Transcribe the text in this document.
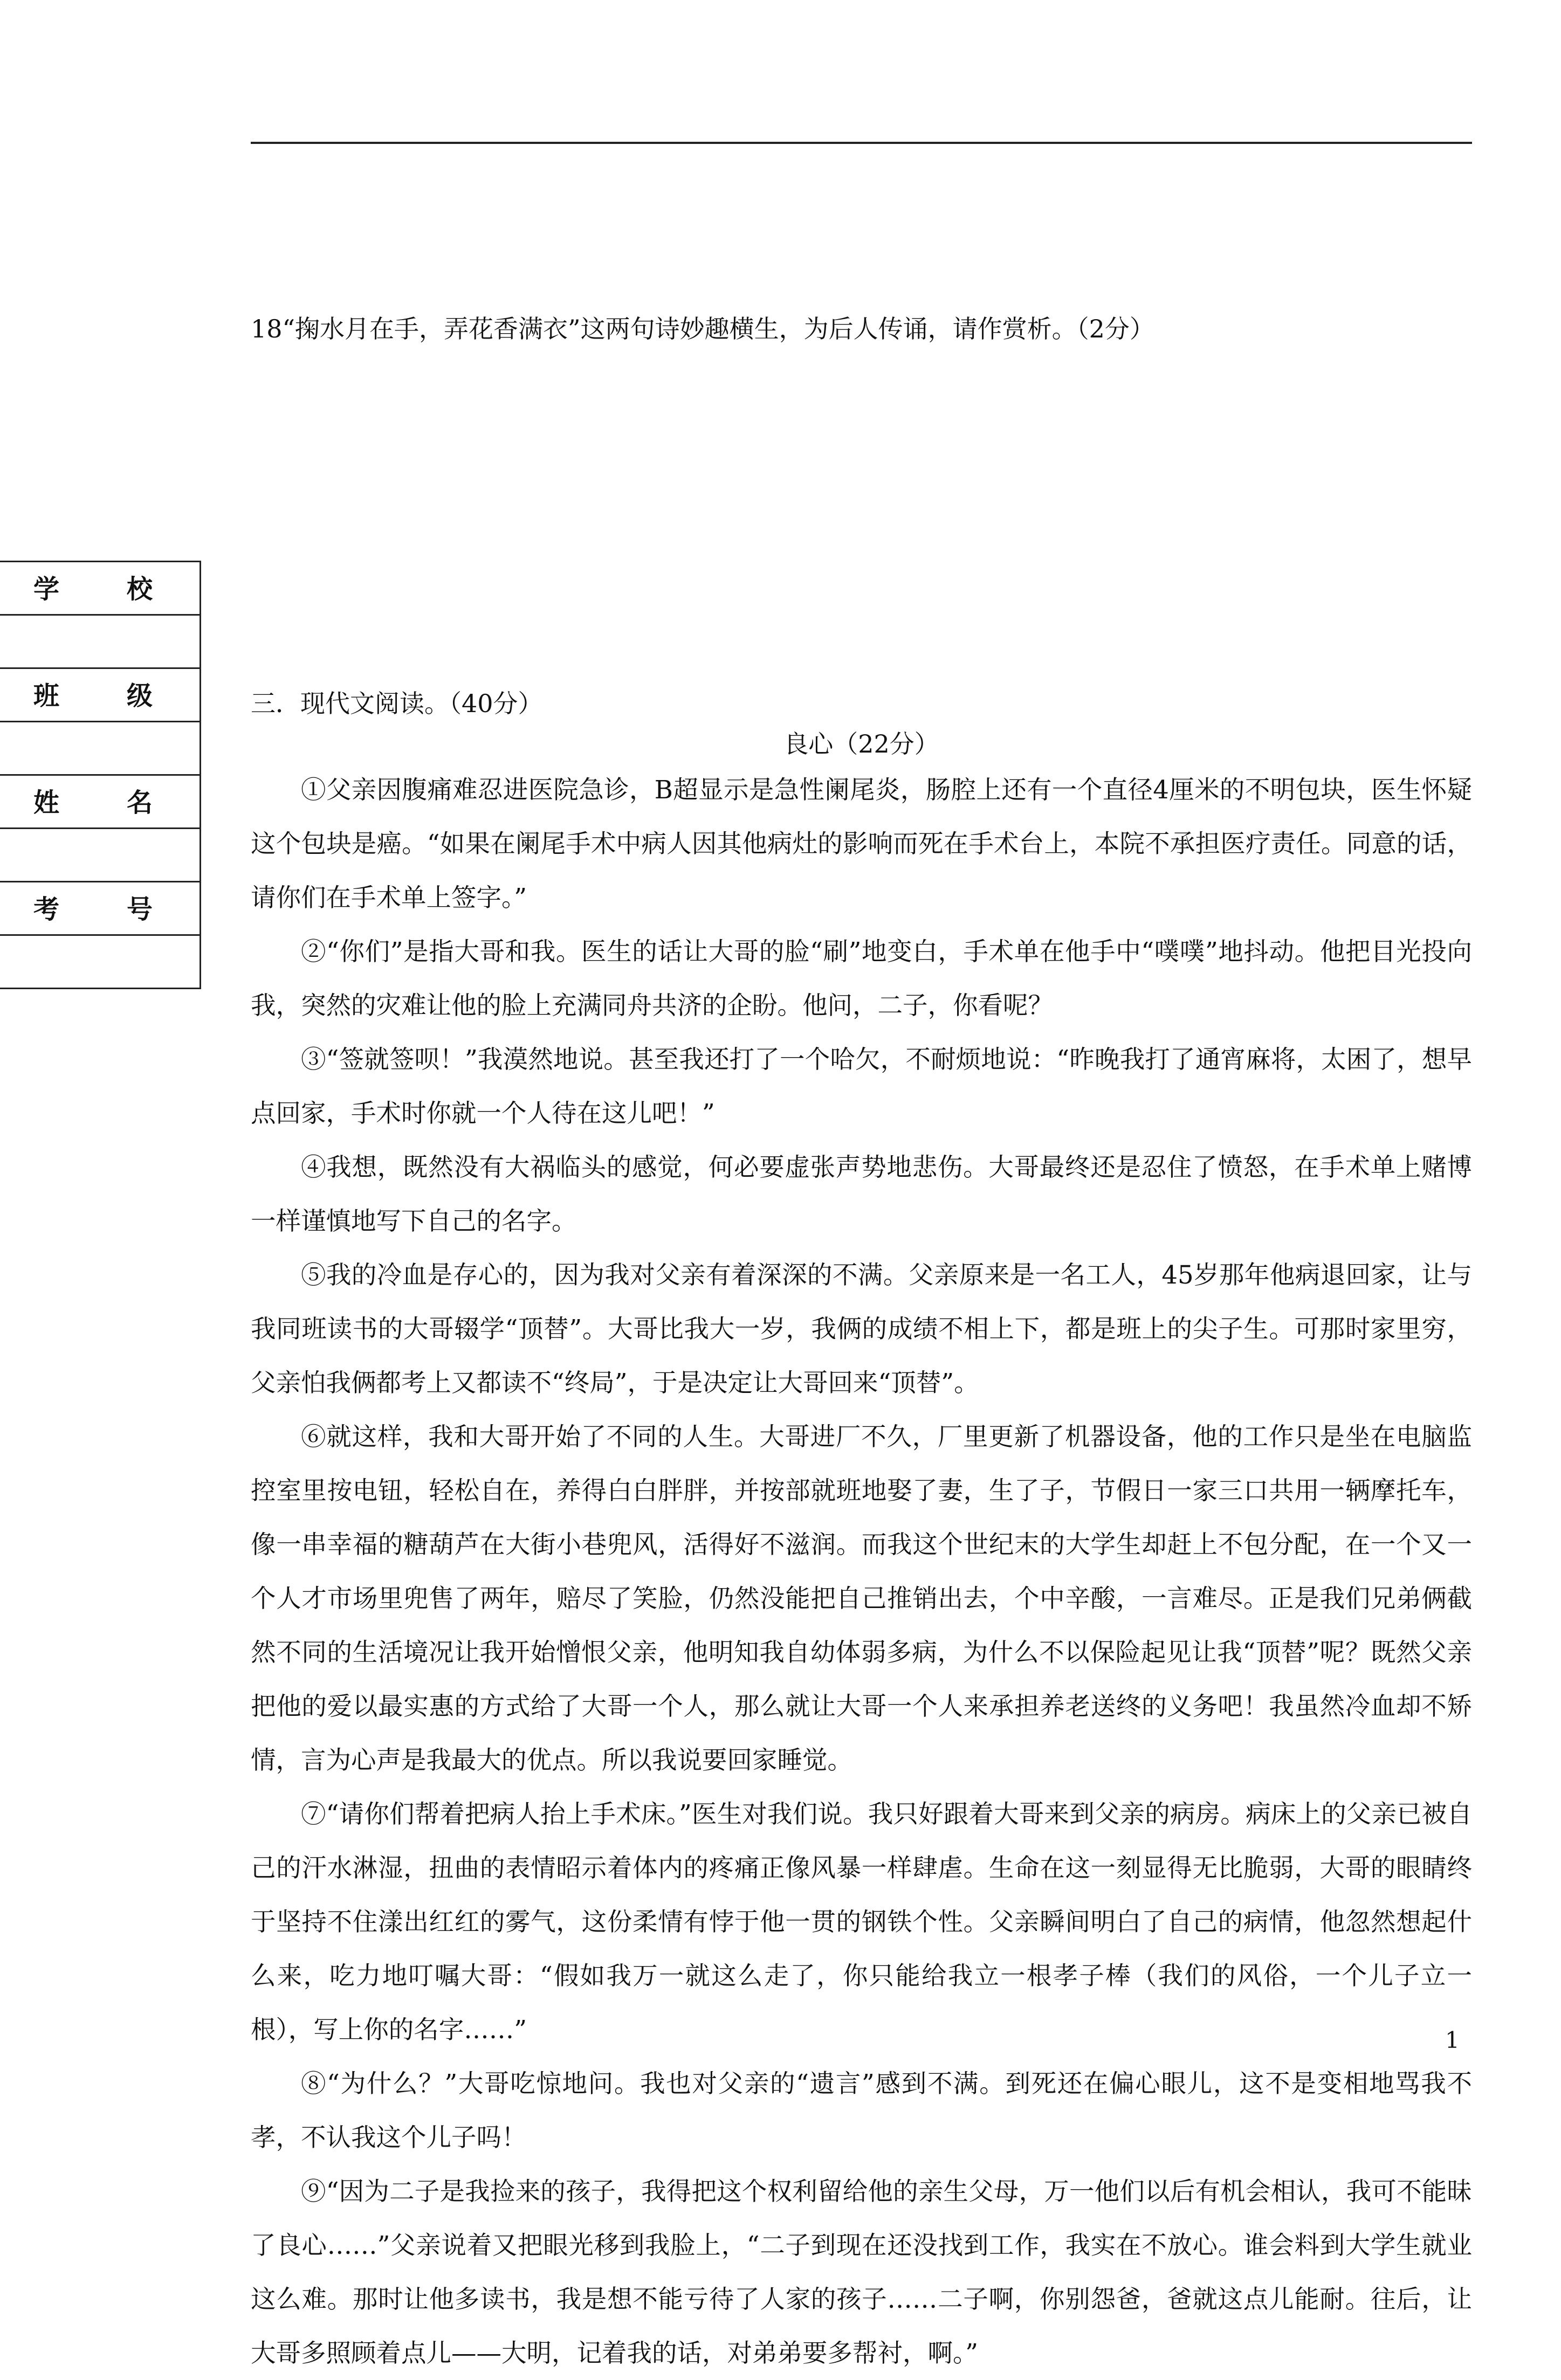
18“掬水月在手，弄花香满衣”这两句诗妙趣横生，为后人传诵，请作赏析。（2分）
学	校
班	级
姓	名
考	号
三．现代文阅读。（40分）
良心（22分）

①父亲因腹痛难忍进医院急诊，B超显示是急性阑尾炎，肠腔上还有一个直径4厘米的不明包块，医生怀疑这个包块是癌。“如果在阑尾手术中病人因其他病灶的影响而死在手术台上，本院不承担医疗责任。同意的话，请你们在手术单上签字。”

②“你们”是指大哥和我。医生的话让大哥的脸“刷”地变白，手术单在他手中“噗噗”地抖动。他把目光投向我，突然的灾难让他的脸上充满同舟共济的企盼。他问，二子，你看呢？

③“签就签呗！”我漠然地说。甚至我还打了一个哈欠，不耐烦地说：“昨晚我打了通宵麻将，太困了，想早点回家，手术时你就一个人待在这儿吧！”

④我想，既然没有大祸临头的感觉，何必要虚张声势地悲伤。大哥最终还是忍住了愤怒，在手术单上赌博一样谨慎地写下自己的名字。

⑤我的冷血是存心的，因为我对父亲有着深深的不满。父亲原来是一名工人，45岁那年他病退回家，让与我同班读书的大哥辍学“顶替”。大哥比我大一岁，我俩的成绩不相上下，都是班上的尖子生。可那时家里穷，父亲怕我俩都考上又都读不“终局”，于是决定让大哥回来“顶替”。

⑥就这样，我和大哥开始了不同的人生。大哥进厂不久，厂里更新了机器设备，他的工作只是坐在电脑监控室里按电钮，轻松自在，养得白白胖胖，并按部就班地娶了妻，生了子，节假日一家三口共用一辆摩托车，像一串幸福的糖葫芦在大街小巷兜风，活得好不滋润。而我这个世纪末的大学生却赶上不包分配，在一个又一个人才市场里兜售了两年，赔尽了笑脸，仍然没能把自己推销出去，个中辛酸，一言难尽。正是我们兄弟俩截然不同的生活境况让我开始憎恨父亲，他明知我自幼体弱多病，为什么不以保险起见让我“顶替”呢？既然父亲把他的爱以最实惠的方式给了大哥一个人，那么就让大哥一个人来承担养老送终的义务吧！我虽然冷血却不矫情，言为心声是我最大的优点。所以我说要回家睡觉。

⑦“请你们帮着把病人抬上手术床。”医生对我们说。我只好跟着大哥来到父亲的病房。病床上的父亲已被自己的汗水淋湿，扭曲的表情昭示着体内的疼痛正像风暴一样肆虐。生命在这一刻显得无比脆弱，大哥的眼睛终于坚持不住漾出红红的雾气，这份柔情有悖于他一贯的钢铁个性。父亲瞬间明白了自己的病情，他忽然想起什么来，吃力地叮嘱大哥：“假如我万一就这么走了，你只能给我立一根孝子棒（我们的风俗，一个儿子立一根），写上你的名字……”

⑧“为什么？”大哥吃惊地问。我也对父亲的“遗言”感到不满。到死还在偏心眼儿，这不是变相地骂我不孝，不认我这个儿子吗！

⑨“因为二子是我捡来的孩子，我得把这个权利留给他的亲生父母，万一他们以后有机会相认，我可不能昧了良心……”父亲说着又把眼光移到我脸上，“二子到现在还没找到工作，我实在不放心。谁会料到大学生就业这么难。那时让他多读书，我是想不能亏待了人家的孩子……二子啊，你别怨爸，爸就这点儿能耐。往后，让大哥多照顾着点儿——大明，记着我的话，对弟弟要多帮衬，啊。”

1
